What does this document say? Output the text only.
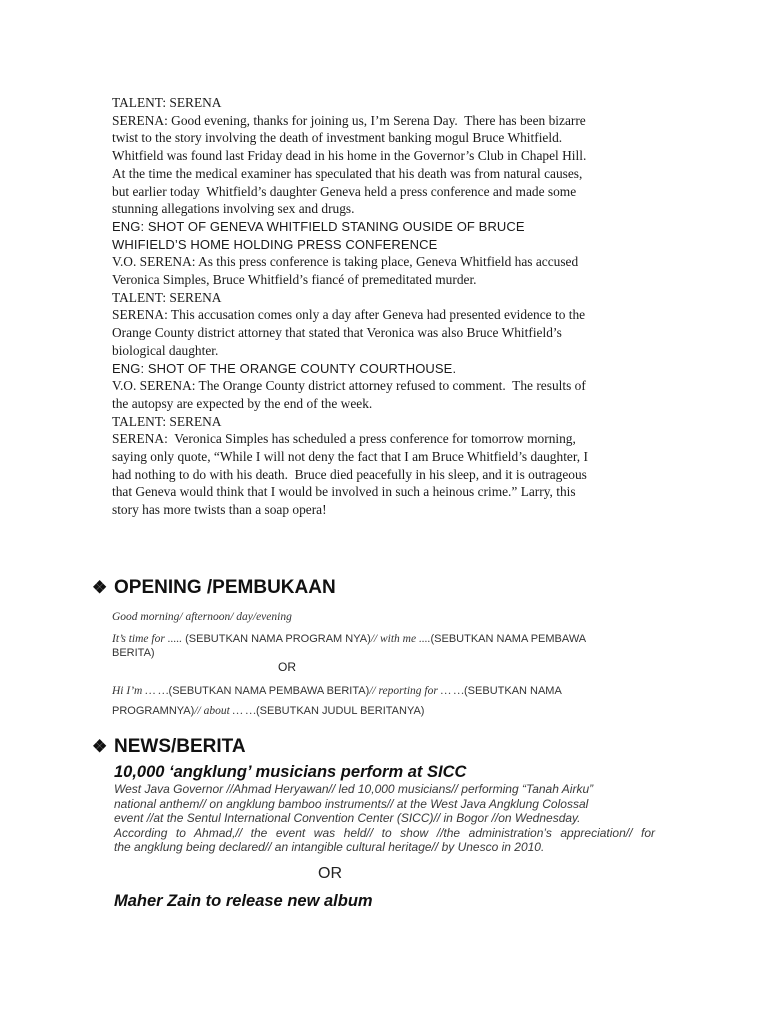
TALENT: SERENA
SERENA: Good evening, thanks for joining us, I’m Serena Day.  There has been bizarre
twist to the story involving the death of investment banking mogul Bruce Whitfield.
Whitfield was found last Friday dead in his home in the Governor’s Club in Chapel Hill.
At the time the medical examiner has speculated that his death was from natural causes,
but earlier today  Whitfield’s daughter Geneva held a press conference and made some
stunning allegations involving sex and drugs.
ENG: SHOT OF GENEVA WHITFIELD STANING OUSIDE OF BRUCE
WHIFIELD’S HOME HOLDING PRESS CONFERENCE
V.O. SERENA: As this press conference is taking place, Geneva Whitfield has accused
Veronica Simples, Bruce Whitfield’s fiancé of premeditated murder.
TALENT: SERENA
SERENA: This accusation comes only a day after Geneva had presented evidence to the
Orange County district attorney that stated that Veronica was also Bruce Whitfield’s
biological daughter.
ENG: SHOT OF THE ORANGE COUNTY COURTHOUSE.
V.O. SERENA: The Orange County district attorney refused to comment.  The results of
the autopsy are expected by the end of the week.
TALENT: SERENA
SERENA:  Veronica Simples has scheduled a press conference for tomorrow morning,
saying only quote, “While I will not deny the fact that I am Bruce Whitfield’s daughter, I
had nothing to do with his death.  Bruce died peacefully in his sleep, and it is outrageous
that Geneva would think that I would be involved in such a heinous crime.” Larry, this
story has more twists than a soap opera!
❖ OPENING /PEMBUKAAN
Good morning/ afternoon/ day/evening
It’s time for ..... (SEBUTKAN NAMA PROGRAM NYA)// with me ....(SEBUTKAN NAMA PEMBAWA
BERITA)
OR
Hi I’m … …(SEBUTKAN NAMA PEMBAWA BERITA)// reporting for … …(SEBUTKAN NAMA
PROGRAMNYA)// about … …(SEBUTKAN JUDUL BERITANYA)
❖ NEWS/BERITA
10,000 ‘angklung’ musicians perform at SICC
West Java Governor //Ahmad Heryawan// led 10,000 musicians// performing “Tanah Airku”
national anthem// on angklung bamboo instruments// at the West Java Angklung Colossal
event //at the Sentul International Convention Center (SICC)// in Bogor //on Wednesday.
According to Ahmad,// the event was held// to show //the administration’s appreciation// for
the angklung being declared// an intangible cultural heritage// by Unesco in 2010.
OR
Maher Zain to release new album
